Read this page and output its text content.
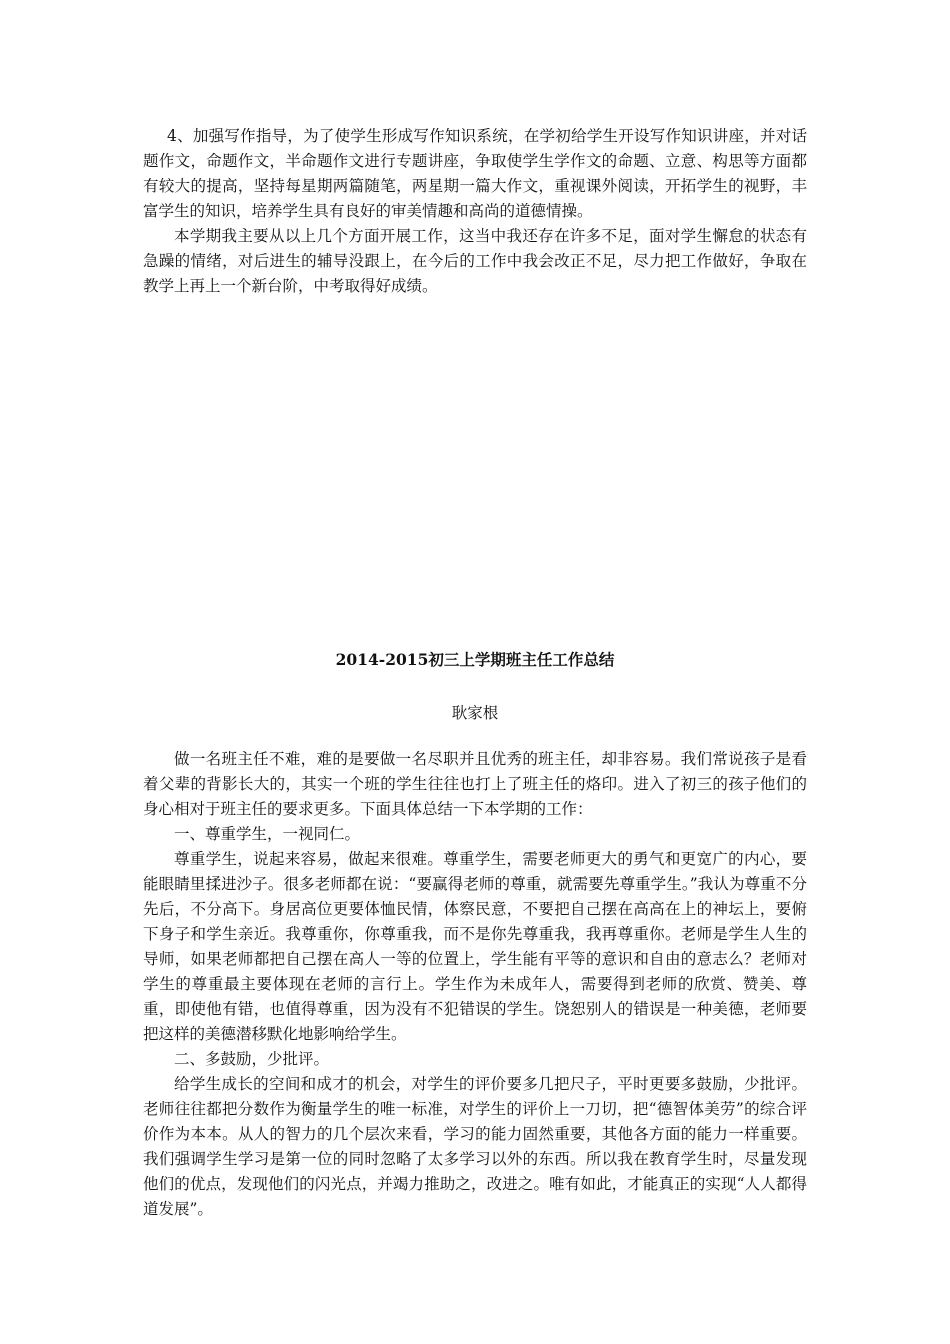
4、加强写作指导，为了使学生形成写作知识系统，在学初给学生开设写作知识讲座，并对话题作文，命题作文，半命题作文进行专题讲座，争取使学生学作文的命题、立意、构思等方面都有较大的提高，坚持每星期两篇随笔，两星期一篇大作文，重视课外阅读，开拓学生的视野，丰富学生的知识，培养学生具有良好的审美情趣和高尚的道德情操。

本学期我主要从以上几个方面开展工作，这当中我还存在许多不足，面对学生懈怠的状态有急躁的情绪，对后进生的辅导没跟上，在今后的工作中我会改正不足，尽力把工作做好，争取在教学上再上一个新台阶，中考取得好成绩。

2014-2015初三上学期班主任工作总结
耿家根

做一名班主任不难，难的是要做一名尽职并且优秀的班主任，却非容易。我们常说孩子是看着父辈的背影长大的，其实一个班的学生往往也打上了班主任的烙印。进入了初三的孩子他们的身心相对于班主任的要求更多。下面具体总结一下本学期的工作：

一、尊重学生，一视同仁。

尊重学生，说起来容易，做起来很难。尊重学生，需要老师更大的勇气和更宽广的内心，要能眼睛里揉进沙子。很多老师都在说：“要赢得老师的尊重，就需要先尊重学生。”我认为尊重不分先后，不分高下。身居高位更要体恤民情，体察民意，不要把自己摆在高高在上的神坛上，要俯下身子和学生亲近。我尊重你，你尊重我，而不是你先尊重我，我再尊重你。老师是学生人生的导师，如果老师都把自己摆在高人一等的位置上，学生能有平等的意识和自由的意志么？老师对学生的尊重最主要体现在老师的言行上。学生作为未成年人，需要得到老师的欣赏、赞美、尊重，即使他有错，也值得尊重，因为没有不犯错误的学生。饶恕别人的错误是一种美德，老师要把这样的美德潜移默化地影响给学生。

二、多鼓励，少批评。

给学生成长的空间和成才的机会，对学生的评价要多几把尺子，平时更要多鼓励，少批评。老师往往都把分数作为衡量学生的唯一标准，对学生的评价上一刀切，把“德智体美劳”的综合评价作为本本。从人的智力的几个层次来看，学习的能力固然重要，其他各方面的能力一样重要。我们强调学生学习是第一位的同时忽略了太多学习以外的东西。所以我在教育学生时，尽量发现他们的优点，发现他们的闪光点，并竭力推助之，改进之。唯有如此，才能真正的实现“人人都得道发展”。
